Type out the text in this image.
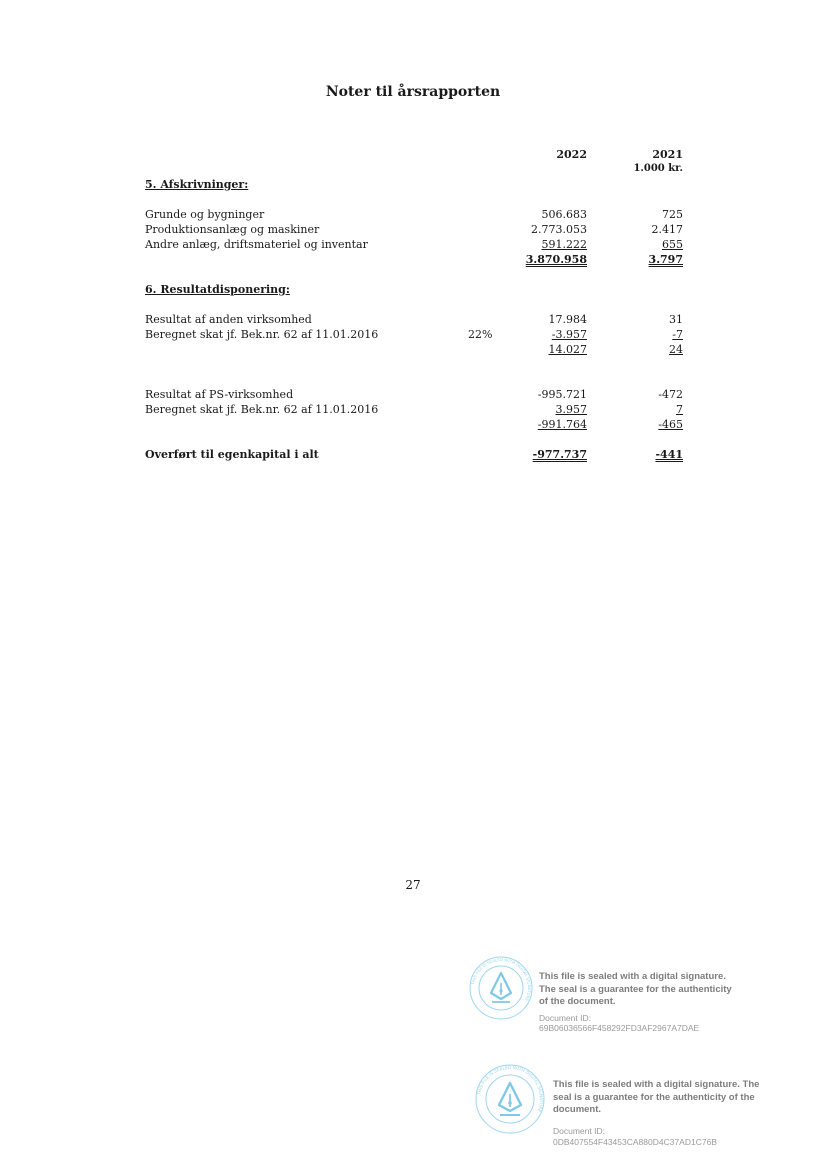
Noter til årsrapporten
2022	2021
1.000 kr.
5. Afskrivninger:
Grunde og bygninger	506.683	725
Produktionsanlæg og maskiner	2.773.053	2.417
Andre anlæg, driftsmateriel og inventar	591.222	655
3.870.958	3.797
6. Resultatdisponering:
Resultat af anden virksomhed	17.984	31
Beregnet skat jf. Bek.nr. 62 af 11.01.2016	22%	-3.957	-7
14.027	24
Resultat af PS-virksomhed	-995.721	-472
Beregnet skat jf. Bek.nr. 62 af 11.01.2016	3.957	7
-991.764	-465
Overført til egenkapital i alt	-977.737	-441
27
THIS FILE IS SEALED WITH DIGITAL SIGNATURE
This file is sealed with a digital signature. The seal is a guarantee for the authenticity of the document.
Document ID:
69B06036566F458292FD3AF2967A7DAE
THIS FILE IS SEALED WITH DIGITAL SIGNATURE
This file is sealed with a digital signature. The seal is a guarantee for the authenticity of the document.
Document ID:
0DB407554F43453CA880D4C37AD1C76B
